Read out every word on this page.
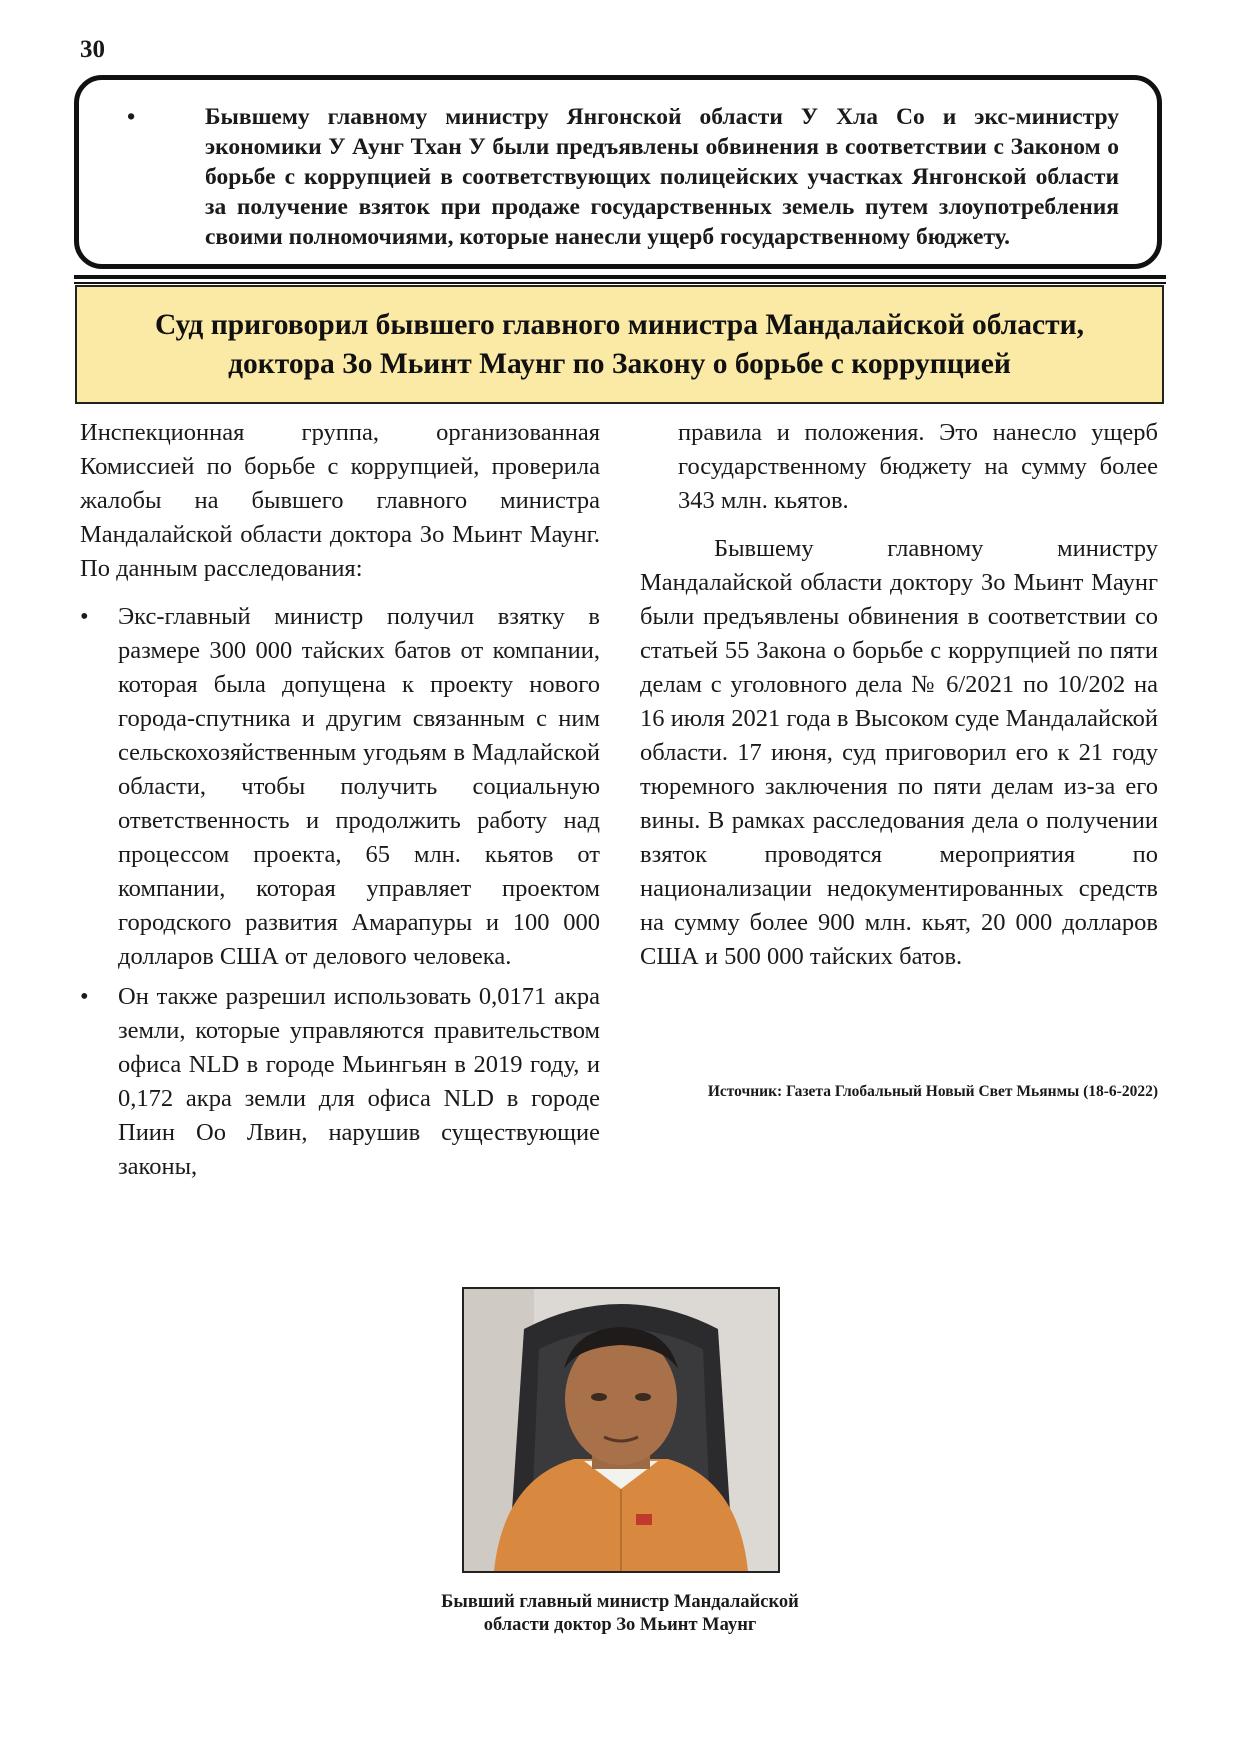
30
•	Бывшему главному министру Янгонской области У Хла Со и экс-министру экономики У Аунг Тхан У были предъявлены обвинения в соответствии с Законом о борьбе с коррупцией в соответствующих полицейских участках Янгонской области за получение взяток при продаже государственных земель путем злоупотребления своими полномочиями, которые нанесли ущерб государственному бюджету.
Суд приговорил бывшего главного министра Мандалайской области,
доктора Зо Мьинт Маунг по Закону о борьбе с коррупцией

Инспекционная группа, организованная Комиссией по борьбе с коррупцией, проверила жалобы на бывшего главного министра Мандалайской области доктора Зо Мьинт Маунг. По данным расследования:

• Экс-главный министр получил взятку в размере 300 000 тайских батов от компании, которая была допущена к проекту нового города-спутника и другим связанным с ним сельскохозяйственным угодьям в Мадлайской области, чтобы получить социальную ответственность и продолжить работу над процессом проекта, 65 млн. кьятов от компании, которая управляет проектом городского развития Амарапуры и 100 000 долларов США от делового человека.
• Он также разрешил использовать 0,0171 акра земли, которые управляются правительством офиса NLD в городе Мьингьян в 2019 году, и 0,172 акра земли для офиса NLD в городе Пиин Оо Лвин, нарушив существующие законы,

правила и положения. Это нанесло ущерб государственному бюджету на сумму более 343 млн. кьятов.

Бывшему главному министру Мандалайской области доктору Зо Мьинт Маунг были предъявлены обвинения в соответствии со статьей 55 Закона о борьбе с коррупцией по пяти делам с уголовного дела № 6/2021 по 10/202 на 16 июля 2021 года в Высоком суде Мандалайской области. 17 июня, суд приговорил его к 21 году тюремного заключения по пяти делам из-за его вины. В рамках расследования дела о получении взяток проводятся мероприятия по национализации недокументированных средств на сумму более 900 млн. кьят, 20 000 долларов США и 500 000 тайских батов.

Источник: Газета Глобальный Новый Свет Мьянмы (18-6-2022)
Бывший главный министр Мандалайской
области доктор Зо Мьинт Маунг
